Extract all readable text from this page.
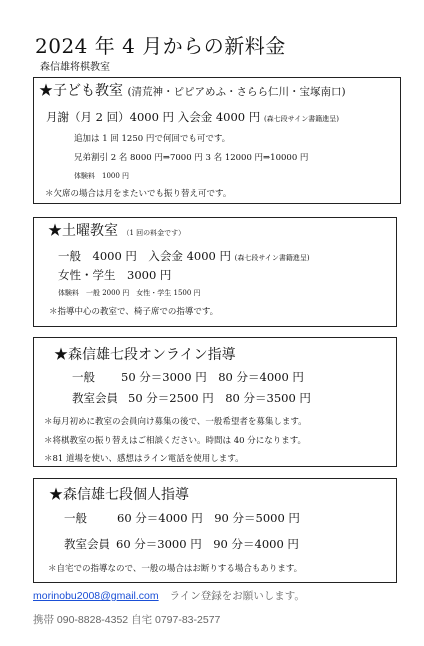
2024 年 4 月からの新料金
森信雄将棋教室
★子ども教室 (清荒神・ピピアめふ・さらら仁川・宝塚南口)
月謝（月 2 回）4000 円 入会金 4000 円 (森七段サイン書籍進呈)
追加は 1 回 1250 円で何回でも可です。
兄弟割引 2 名 8000 円⇒7000 円 3 名 12000 円⇒10000 円
体験料　1000 円
＊欠席の場合は月をまたいでも振り替え可です。
★土曜教室 （1 回の料金です）
一般　4000 円　入会金 4000 円 (森七段サイン書籍進呈)
女性・学生　3000 円
体験料　一般 2000 円　女性・学生 1500 円
＊指導中心の教室で、椅子席での指導です。
★森信雄七段オンライン指導
一般 50 分＝3000 円　80 分＝4000 円
教室会員 50 分＝2500 円　80 分＝3500 円
＊毎月初めに教室の会員向け募集の後で、一般希望者を募集します。
＊将棋教室の振り替えはご相談ください。時間は 40 分になります。
＊81 道場を使い、感想はライン電話を使用します。
★森信雄七段個人指導
一般	60 分＝4000 円　90 分＝5000 円
教室会員 60 分＝3000 円　90 分＝4000 円
＊自宅での指導なので、一般の場合はお断りする場合もあります。
morinobu2008@gmail.com ライン登録をお願いします。
携帯 090-8828-4352 自宅 0797-83-2577
